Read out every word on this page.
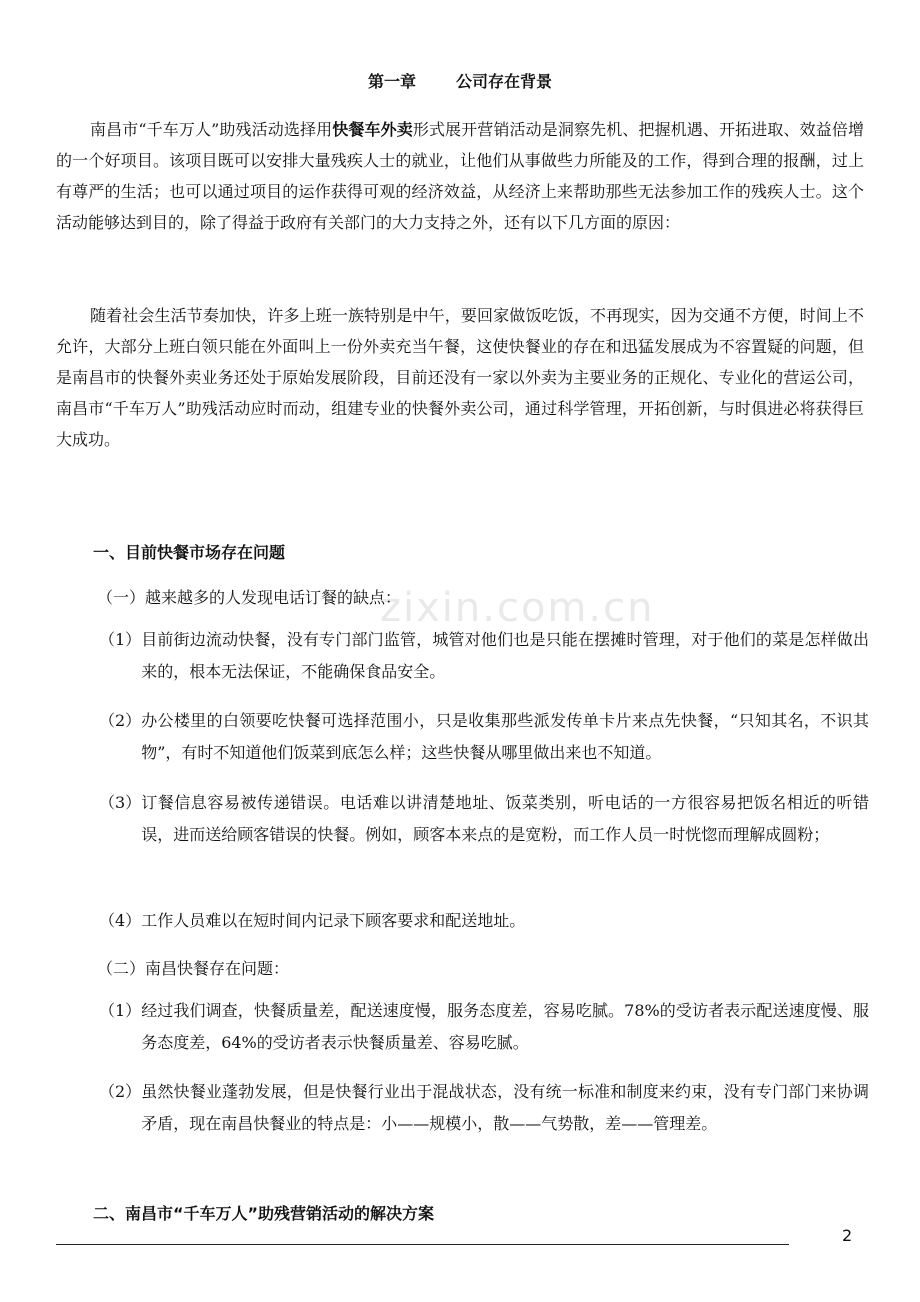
zixin.com.cn
第一章	公司存在背景

南昌市“千车万人”助残活动选择用快餐车外卖形式展开营销活动是洞察先机、把握机遇、开拓进取、效益倍增的一个好项目。该项目既可以安排大量残疾人士的就业，让他们从事做些力所能及的工作，得到合理的报酬，过上有尊严的生活；也可以通过项目的运作获得可观的经济效益，从经济上来帮助那些无法参加工作的残疾人士。这个活动能够达到目的，除了得益于政府有关部门的大力支持之外，还有以下几方面的原因：

随着社会生活节奏加快，许多上班一族特别是中午，要回家做饭吃饭，不再现实，因为交通不方便，时间上不允许，大部分上班白领只能在外面叫上一份外卖充当午餐，这使快餐业的存在和迅猛发展成为不容置疑的问题，但是南昌市的快餐外卖业务还处于原始发展阶段，目前还没有一家以外卖为主要业务的正规化、专业化的营运公司，南昌市“千车万人”助残活动应时而动，组建专业的快餐外卖公司，通过科学管理，开拓创新，与时俱进必将获得巨大成功。

一、目前快餐市场存在问题

（一）越来越多的人发现电话订餐的缺点：

（1） 目前街边流动快餐，没有专门部门监管，城管对他们也是只能在摆摊时管理，对于他们的菜是怎样做出来的，根本无法保证，不能确保食品安全。
（2） 办公楼里的白领要吃快餐可选择范围小，只是收集那些派发传单卡片来点先快餐，“只知其名，不识其物”，有时不知道他们饭菜到底怎么样；这些快餐从哪里做出来也不知道。
（3） 订餐信息容易被传递错误。电话难以讲清楚地址、饭菜类别，听电话的一方很容易把饭名相近的听错误，进而送给顾客错误的快餐。例如，顾客本来点的是宽粉，而工作人员一时恍惚而理解成圆粉；
（4） 工作人员难以在短时间内记录下顾客要求和配送地址。

（二）南昌快餐存在问题：

（1） 经过我们调查，快餐质量差，配送速度慢，服务态度差，容易吃腻。78%的受访者表示配送速度慢、服务态度差，64%的受访者表示快餐质量差、容易吃腻。
（2） 虽然快餐业蓬勃发展，但是快餐行业出于混战状态，没有统一标准和制度来约束，没有专门部门来协调矛盾，现在南昌快餐业的特点是：小——规模小，散——气势散，差——管理差。

二、南昌市“千车万人”助残营销活动的解决方案

2
